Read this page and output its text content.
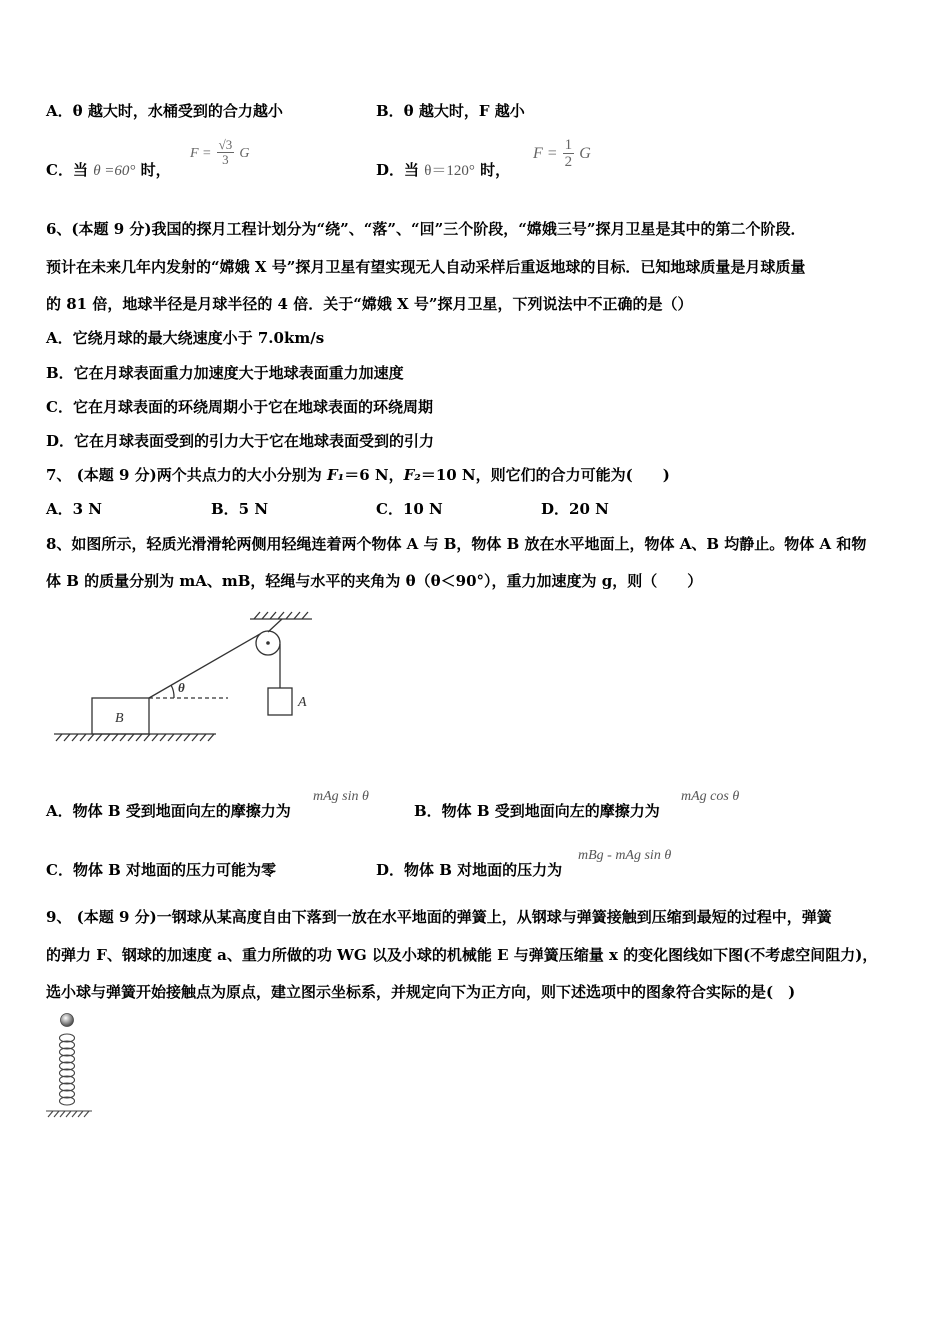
A．θ 越大时，水桶受到的合力越小	B．θ 越大时，F 越小
C．当 θ =60° 时，
$F = \frac{√3}{3}$ G
D．当 θ＝120° 时，
$F = \frac{1}{2}$ G
6、(本题 9 分)我国的探月工程计划分为“绕”、“落”、“回”三个阶段，“嫦娥三号”探月卫星是其中的第二个阶段．
预计在未来几年内发射的“嫦娥 X 号”探月卫星有望实现无人自动采样后重返地球的目标．已知地球质量是月球质量
的 81 倍，地球半径是月球半径的 4 倍．关于“嫦娥 X 号”探月卫星，下列说法中不正确的是（）
A．它绕月球的最大绕速度小于 7.0km/s
B．它在月球表面重力加速度大于地球表面重力加速度
C．它在月球表面的环绕周期小于它在地球表面的环绕周期
D．它在月球表面受到的引力大于它在地球表面受到的引力
7、 (本题 9 分)两个共点力的大小分别为 F₁＝6 N，F₂＝10 N，则它们的合力可能为(　　)
A．3 N	B．5 N	C．10 N	D．20 N
8、如图所示，轻质光滑滑轮两侧用轻绳连着两个物体 A 与 B，物体 B 放在水平地面上，物体 A、B 均静止。物体 A 和物
体 B 的质量分别为 mA、mB，轻绳与水平的夹角为 θ（θ＜90°），重力加速度为 g，则（　　）
B
A
θ
A．物体 B 受到地面向左的摩擦力为
mAg sin θ
B．物体 B 受到地面向左的摩擦力为
mAg cos θ
C．物体 B 对地面的压力可能为零	D．物体 B 对地面的压力为
mBg - mAg sin θ
9、 (本题 9 分)一钢球从某高度自由下落到一放在水平地面的弹簧上，从钢球与弹簧接触到压缩到最短的过程中，弹簧
的弹力 F、钢球的加速度 a、重力所做的功 WG 以及小球的机械能 E 与弹簧压缩量 x 的变化图线如下图(不考虑空间阻力)，
选小球与弹簧开始接触点为原点，建立图示坐标系，并规定向下为正方向，则下述选项中的图象符合实际的是(　)
